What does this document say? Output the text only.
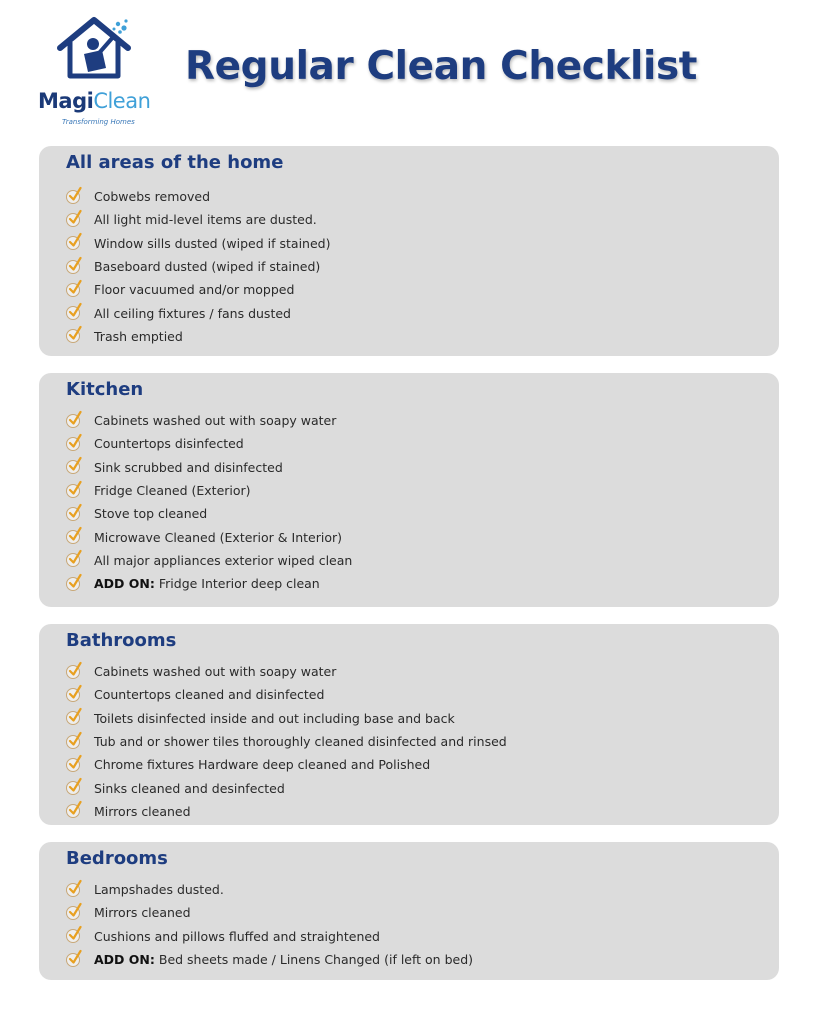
MagiClean
Transforming Homes
Regular Clean Checklist
All areas of the home
Cobwebs removed
All light mid-level items are dusted.
Window sills dusted (wiped if stained)
Baseboard dusted (wiped if stained)
Floor vacuumed and/or mopped
All ceiling fixtures / fans dusted
Trash emptied
Kitchen
Cabinets washed out with soapy water
Countertops disinfected
Sink scrubbed and disinfected
Fridge Cleaned (Exterior)
Stove top cleaned
Microwave Cleaned (Exterior & Interior)
All major appliances exterior wiped clean
ADD ON: Fridge Interior deep clean
Bathrooms
Cabinets washed out with soapy water
Countertops cleaned and disinfected
Toilets disinfected inside and out including base and back
Tub and or shower tiles thoroughly cleaned disinfected and rinsed
Chrome fixtures Hardware deep cleaned and Polished
Sinks cleaned and desinfected
Mirrors cleaned
Bedrooms
Lampshades dusted.
Mirrors cleaned
Cushions and pillows fluffed and straightened
ADD ON: Bed sheets made / Linens Changed (if left on bed)
